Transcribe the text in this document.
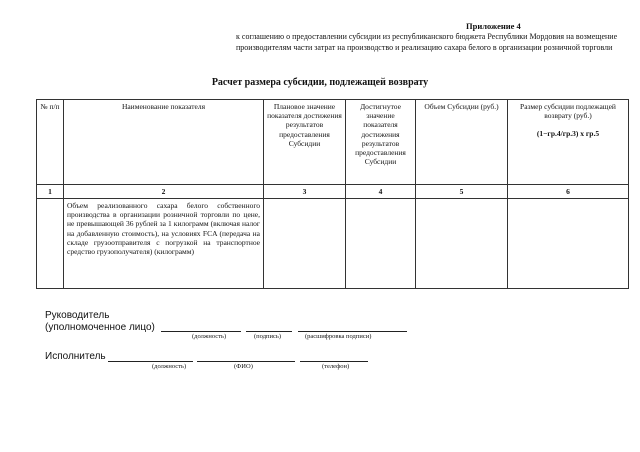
Приложение 4
к соглашению о предоставлении субсидии из республиканского бюджета Республики Мордовия на возмещение производителям части затрат на производство и реализацию сахара белого в организации розничной торговли
Расчет размера субсидии, подлежащей возврату
№ п/п	Наименование показателя	Плановое значение показателя достижения результатов предоставления Субсидии	Достигнутое значение показателя достижения результатов предоставления Субсидии	Объем Субсидии (руб.)	Размер субсидии подлежащей возврату (руб.)
(1−гр.4/гр.3) х гр.5

1	2	3	4	5	6
	Объем реализованного сахара белого собственного производства в организации розничной торговли по цене, не превышающей 36 рублей за 1 килограмм (включая налог на добавленную стоимость), на условиях FCA (передача на складе грузоотправителя с погрузкой на транспортное средство грузополучателя) (килограмм)				
Руководитель
(уполномоченное лицо)
(должность)	(подпись)	(расшифровка подписи)
Исполнитель
(должность)	(ФИО)	(телефон)
